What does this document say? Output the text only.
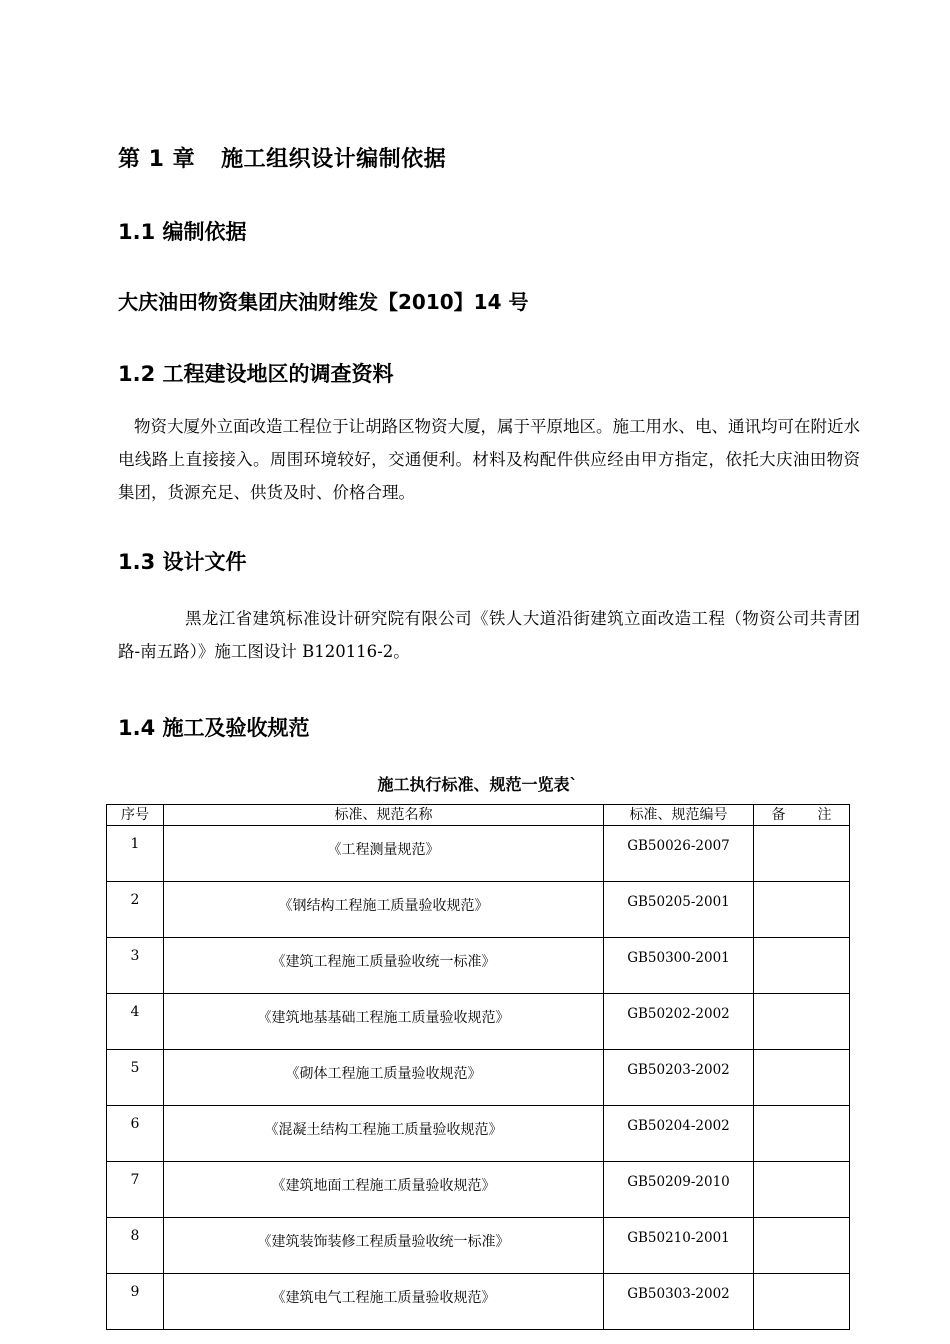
第 1 章 施工组织设计编制依据
1.1 编制依据
大庆油田物资集团庆油财维发【2010】14 号
1.2 工程建设地区的调查资料
物资大厦外立面改造工程位于让胡路区物资大厦，属于平原地区。施工用水、电、通讯均可在附近水电线路上直接接入。周围环境较好，交通便利。材料及构配件供应经由甲方指定，依托大庆油田物资集团，货源充足、供货及时、价格合理。
1.3 设计文件
黑龙江省建筑标准设计研究院有限公司《铁人大道沿街建筑立面改造工程（物资公司共青团路-南五路）》施工图设计 B120116-2。
1.4 施工及验收规范
施工执行标准、规范一览表`
序号	标准、规范名称	标准、规范编号	备 注
1	《工程测量规范》	GB50026-2007	
2	《钢结构工程施工质量验收规范》	GB50205-2001	
3	《建筑工程施工质量验收统一标准》	GB50300-2001	
4	《建筑地基基础工程施工质量验收规范》	GB50202-2002	
5	《砌体工程施工质量验收规范》	GB50203-2002	
6	《混凝土结构工程施工质量验收规范》	GB50204-2002	
7	《建筑地面工程施工质量验收规范》	GB50209-2010	
8	《建筑装饰装修工程质量验收统一标准》	GB50210-2001	
9	《建筑电气工程施工质量验收规范》	GB50303-2002	
